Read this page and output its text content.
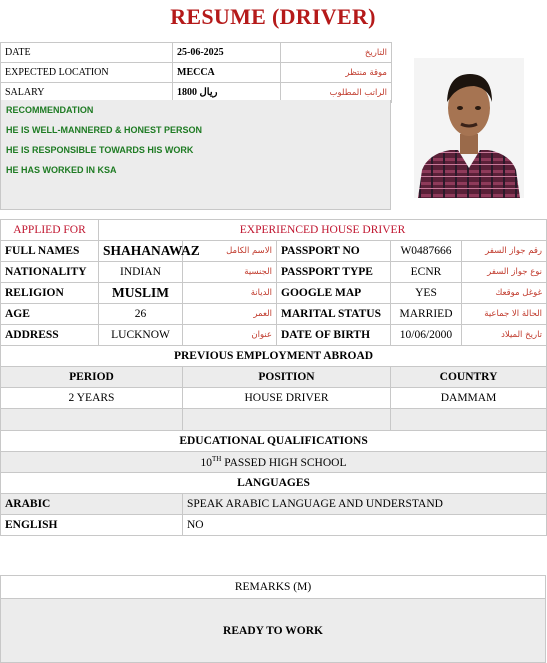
RESUME (DRIVER)
DATE	25-06-2025	التاريخ
EXPECTED LOCATION	MECCA	موقة منتظر
SALARY	1800 ريال	الراتب المطلوب
RECOMMENDATION
HE IS WELL-MANNERED & HONEST PERSON
HE IS RESPONSIBLE TOWARDS HIS WORK
HE HAS WORKED IN KSA
APPLIED FOR	EXPERIENCED HOUSE DRIVER				
FULL NAMES	SHAHANAWAZ	الاسم الكامل	PASSPORT NO	W0487666	رقم جواز السفر
NATIONALITY	INDIAN	الجنسية	PASSPORT TYPE	ECNR	نوع جواز السفر
RELIGION	MUSLIM	الديانة	GOOGLE MAP	YES	غوغل موقعك
AGE	26	العمر	MARITAL STATUS	MARRIED	الحالة الا جماعية
ADDRESS	LUCKNOW	عنوان	DATE OF BIRTH	10/06/2000	تاريخ الميلاد
PREVIOUS EMPLOYMENT ABROAD					
PERIOD		POSITION		COUNTRY	
2 YEARS		HOUSE DRIVER		DAMMAM	

EDUCATIONAL QUALIFICATIONS					
10TH PASSED HIGH SCHOOL					
LANGUAGES					
ARABIC		SPEAK ARABIC LANGUAGE AND UNDERSTAND			
ENGLISH		NO			
REMARKS (M)
READY TO WORK
